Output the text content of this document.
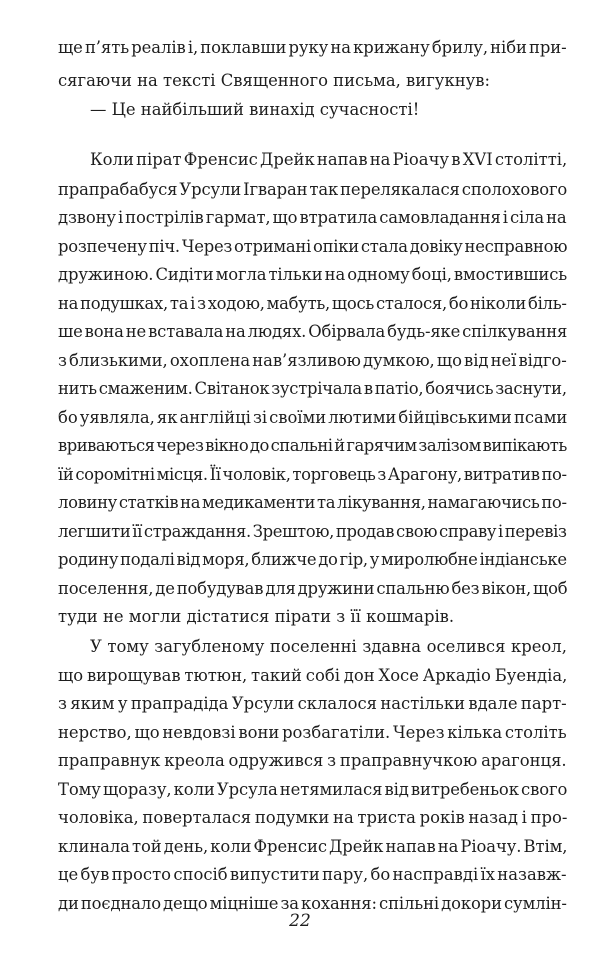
ще п’ять реалів і, поклавши руку на крижану брилу, ніби при-
сягаючи на тексті Священного письма, вигукнув:
— Це найбільший винахід сучасності!
Коли пірат Френсис Дрейк напав на Ріоачу в XVI столітті,
прапрабабуся Урсули Ігваран так перелякалася сполохового
дзвону і пострілів гармат, що втратила самовладання і сіла на
розпечену піч. Через отримані опіки стала довіку несправною
дружиною. Сидіти могла тільки на одному боці, вмостившись
на подушках, та і з ходою, мабуть, щось сталося, бо ніколи біль-
ше вона не вставала на людях. Обірвала будь-яке спілкування
з близькими, охоплена нав’язливою думкою, що від неї відго-
нить смаженим. Світанок зустрічала в патіо, боячись заснути,
бо уявляла, як англійці зі своїми лютими бійцівськими псами
вриваються через вікно до спальні й гарячим залізом випікають
їй соромітні місця. Її чоловік, торговець з Арагону, витратив по-
ловину статків на медикаменти та лікування, намагаючись по-
легшити її страждання. Зрештою, продав свою справу і перевіз
родину подалі від моря, ближче до гір, у миролюбне індіанське
поселення, де побудував для дружини спальню без вікон, щоб
туди не могли дістатися пірати з її кошмарів.
У тому загубленому поселенні здавна оселився креол,
що вирощував тютюн, такий собі дон Хосе Аркадіо Буендіа,
з яким у прапрадіда Урсули склалося настільки вдале парт-
нерство, що невдовзі вони розбагатіли. Через кілька століть
праправнук креола одружився з праправнучкою арагонця.
Тому щоразу, коли Урсула нетямилася від витребеньок свого
чоловіка, поверталася подумки на триста років назад і про-
клинала той день, коли Френсис Дрейк напав на Ріоачу. Втім,
це був просто спосіб випустити пару, бо насправді їх назавж-
ди поєднало дещо міцніше за кохання: спільні докори сумлін-
22
